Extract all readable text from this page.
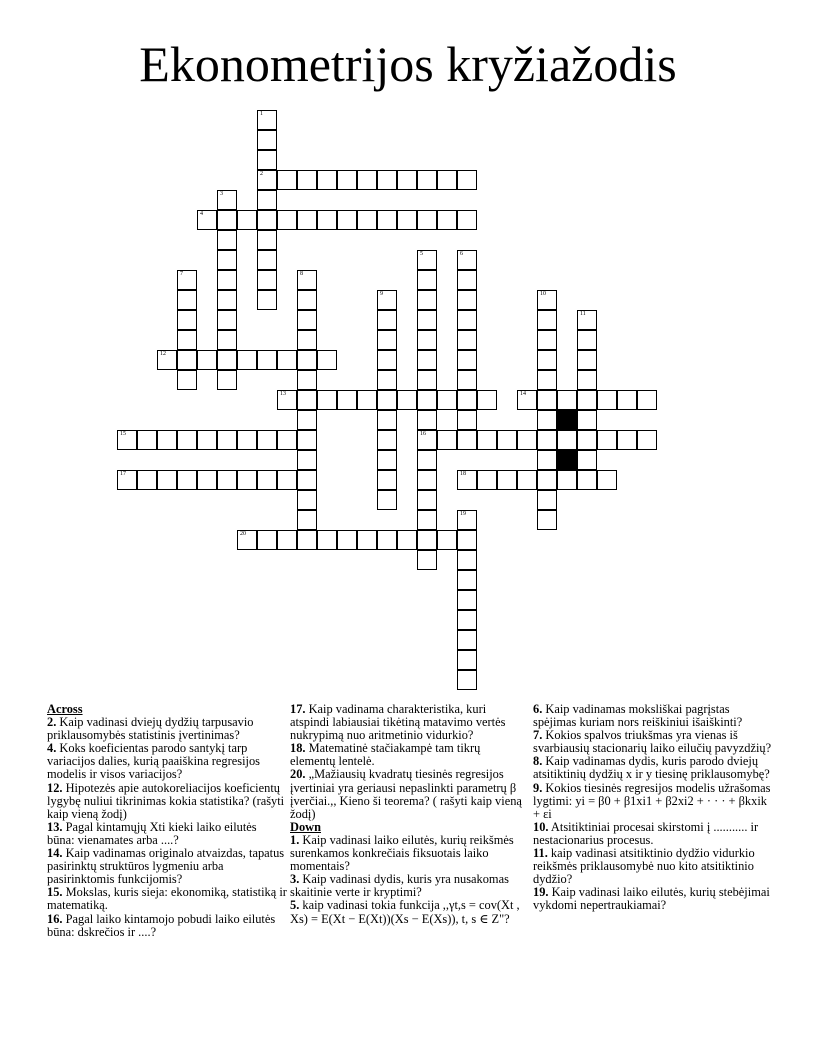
Ekonometrijos kryžiažodis
1
2
3
4
5
16
6
7	8
9	10
11
12
13	14
15
17	18
19
20
Across
2. Kaip vadinasi dviejų dydžių tarpusavio priklausomybės statistinis įvertinimas?
4. Koks koeficientas parodo santykį tarp variacijos dalies, kurią paaiškina regresijos modelis ir visos variacijos?
12. Hipotezės apie autokoreliacijos koeficientų lygybę nuliui tikrinimas kokia statistika? (rašyti kaip vieną žodį)
13. Pagal kintamųjų Xti kieki laiko eilutės būna: vienamates arba ....?
14. Kaip vadinamas originalo atvaizdas, tapatus pasirinktų struktūros lygmeniu arba pasirinktomis funkcijomis?
15. Mokslas, kuris sieja: ekonomiką, statistiką ir matematiką.
16. Pagal laiko kintamojo pobudi laiko eilutės būna: dskrečios ir ....?
17. Kaip vadinama charakteristika, kuri atspindi labiausiai tikėtiną matavimo vertės nukrypimą nuo aritmetinio vidurkio?
18. Matematinė stačiakampė tam tikrų elementų lentelė.
20. „Mažiausių kvadratų tiesinės regresijos įvertiniai yra geriausi nepaslinkti parametrų β įverčiai.,, Kieno ši teorema? ( rašyti kaip vieną žodį)
Down
1. Kaip vadinasi laiko eilutės, kurių reikšmės surenkamos konkrečiais fiksuotais laiko momentais?
3. Kaip vadinasi dydis, kuris yra nusakomas skaitinie verte ir kryptimi?
5. kaip vadinasi tokia funkcija ,,γt,s = cov(Xt , Xs) = E(Xt − E(Xt))(Xs − E(Xs)), t, s ∈ Z"?
6. Kaip vadinamas moksliškai pagrįstas spėjimas kuriam nors reiškiniui išaiškinti?
7. Kokios spalvos triukšmas yra vienas iš svarbiausių stacionarių laiko eilučių pavyzdžių?
8. Kaip vadinamas dydis, kuris parodo dviejų atsitiktinių dydžių x ir y tiesinę priklausomybę?
9. Kokios tiesinės regresijos modelis užrašomas lygtimi: yi = β0 + β1xi1 + β2xi2 + · · · + βkxik + εi
10. Atsitiktiniai procesai skirstomi į ........... ir nestacionarius procesus.
11. kaip vadinasi atsitiktinio dydžio vidurkio reikšmės priklausomybė nuo kito atsitiktinio dydžio?
19. Kaip vadinasi laiko eilutės, kurių stebėjimai vykdomi nepertraukiamai?
